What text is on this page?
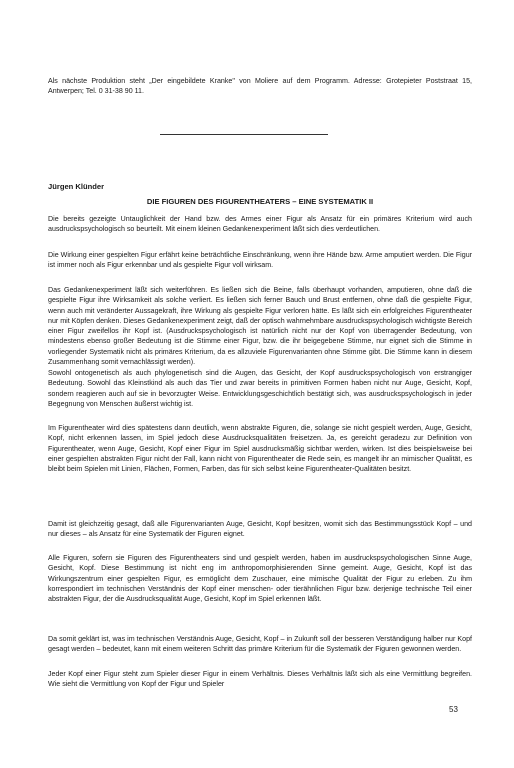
Als nächste Produktion steht „Der eingebildete Kranke" von Moliere auf dem Programm. Adresse: Grotepieter Poststraat 15, Antwerpen; Tel. 0 31-38 90 11.

Jürgen Klünder

DIE FIGUREN DES FIGURENTHEATERS – EINE SYSTEMATIK II

Die bereits gezeigte Untauglichkeit der Hand bzw. des Armes einer Figur als Ansatz für ein primäres Kriterium wird auch ausdruckspsychologisch so beurteilt. Mit einem kleinen Gedankenexperiment läßt sich dies verdeutlichen.

Die Wirkung einer gespielten Figur erfährt keine beträchtliche Einschränkung, wenn ihre Hände bzw. Arme amputiert werden. Die Figur ist immer noch als Figur erkennbar und als gespielte Figur voll wirksam.

Das Gedankenexperiment läßt sich weiterführen. Es ließen sich die Beine, falls überhaupt vorhanden, amputieren, ohne daß die gespielte Figur ihre Wirksamkeit als solche verliert. Es ließen sich ferner Bauch und Brust entfernen, ohne daß die gespielte Figur, wenn auch mit veränderter Aussagekraft, ihre Wirkung als gespielte Figur verloren hätte. Es läßt sich ein erfolgreiches Figurentheater nur mit Köpfen denken. Dieses Gedankenexperiment zeigt, daß der optisch wahrnehmbare ausdruckspsychologisch wichtigste Bereich einer Figur zweifellos ihr Kopf ist. (Ausdruckspsychologisch ist natürlich nicht nur der Kopf von überragender Bedeutung, von mindestens ebenso großer Bedeutung ist die Stimme einer Figur, bzw. die ihr beigegebene Stimme, nur eignet sich die Stimme in vorliegender Systematik nicht als primäres Kriterium, da es allzuviele Figurenvarianten ohne Stimme gibt. Die Stimme kann in diesem Zusammenhang somit vernachlässigt werden).

Sowohl ontogenetisch als auch phylogenetisch sind die Augen, das Gesicht, der Kopf ausdruckspsychologisch von erstrangiger Bedeutung. Sowohl das Kleinstkind als auch das Tier und zwar bereits in primitiven Formen haben nicht nur Auge, Gesicht, Kopf, sondern reagieren auch auf sie in bevorzugter Weise. Entwicklungsgeschichtlich bestätigt sich, was ausdruckspsychologisch in jeder Begegnung von Menschen äußerst wichtig ist.

Im Figurentheater wird dies spätestens dann deutlich, wenn abstrakte Figuren, die, solange sie nicht gespielt werden, Auge, Gesicht, Kopf, nicht erkennen lassen, im Spiel jedoch diese Ausdrucksqualitäten freisetzen. Ja, es gereicht geradezu zur Definition von Figurentheater, wenn Auge, Gesicht, Kopf einer Figur im Spiel ausdrucksmäßig sichtbar werden, wirken. Ist dies beispielsweise bei einer gespielten abstrakten Figur nicht der Fall, kann nicht von Figurentheater die Rede sein, es mangelt ihr an mimischer Qualität, es bleibt beim Spielen mit Linien, Flächen, Formen, Farben, das für sich selbst keine Figurentheater-Qualitäten besitzt.

Damit ist gleichzeitig gesagt, daß alle Figurenvarianten Auge, Gesicht, Kopf besitzen, womit sich das Bestimmungsstück Kopf – und nur dieses – als Ansatz für eine Systematik der Figuren eignet.

Alle Figuren, sofern sie Figuren des Figurentheaters sind und gespielt werden, haben im ausdruckspsychologischen Sinne Auge, Gesicht, Kopf. Diese Bestimmung ist nicht eng im anthropomorphisierenden Sinne gemeint. Auge, Gesicht, Kopf ist das Wirkungszentrum einer gespielten Figur, es ermöglicht dem Zuschauer, eine mimische Qualität der Figur zu erleben. Zu ihm korrespondiert im technischen Verständnis der Kopf einer menschen- oder tierähnlichen Figur bzw. derjenige technische Teil einer abstrakten Figur, der die Ausdrucksqualität Auge, Gesicht, Kopf im Spiel erkennen läßt.

Da somit geklärt ist, was im technischen Verständnis Auge, Gesicht, Kopf – in Zukunft soll der besseren Verständigung halber nur Kopf gesagt werden – bedeutet, kann mit einem weiteren Schritt das primäre Kriterium für die Systematik der Figuren gewonnen werden.

Jeder Kopf einer Figur steht zum Spieler dieser Figur in einem Verhältnis. Dieses Verhältnis läßt sich als eine Vermittlung begreifen. Wie sieht die Vermittlung von Kopf der Figur und Spieler

53
